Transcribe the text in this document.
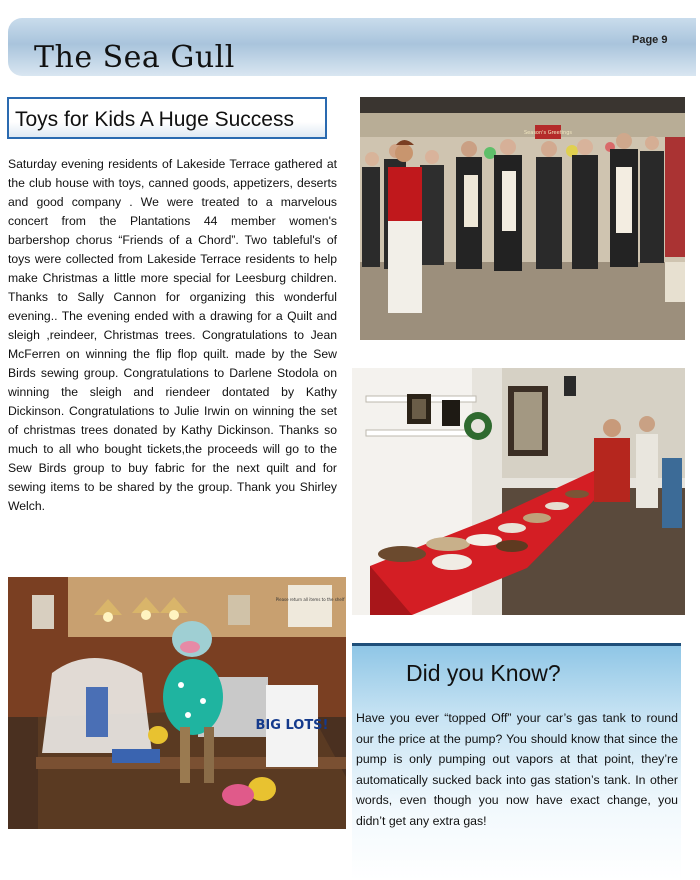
The Sea Gull	Page 9
Toys for Kids A Huge Success

Saturday evening residents of Lakeside Terrace gathered at the club house with toys, canned goods, appetizers, deserts and good company . We were treated to a marvelous concert from the Plantations 44 member women's barbershop chorus “Friends of a Chord”. Two tableful's of toys were collected from Lakeside Terrace residents to help make Christmas a little more special for Leesburg children. Thanks to Sally Cannon for organizing this wonderful evening.. The evening ended with a drawing for a Quilt and sleigh ,reindeer, Christmas trees. Congratulations to Jean McFerren on winning the flip flop quilt. made by the Sew Birds sewing group. Congratulations to Darlene Stodola on winning the sleigh and riendeer dontated by Kathy Dickinson. Congratulations to Julie Irwin on winning the set of christmas trees donated by Kathy Dickinson. Thanks so much to all who bought tickets,the proceeds will go to the Sew Birds group to buy fabric for the next quilt and for sewing items to be shared by the group. Thank you Shirley Welch.

Season's Greetings
Please return all items to the shelf
BIG LOTS!
Did you Know?

Have you ever “topped Off” your car’s gas tank to round our the price at the pump? You should know that since the pump is only pumping out vapors at that point, they’re automatically sucked back into gas station’s tank. In other words, even though you now have exact change, you didn’t get any extra gas!
